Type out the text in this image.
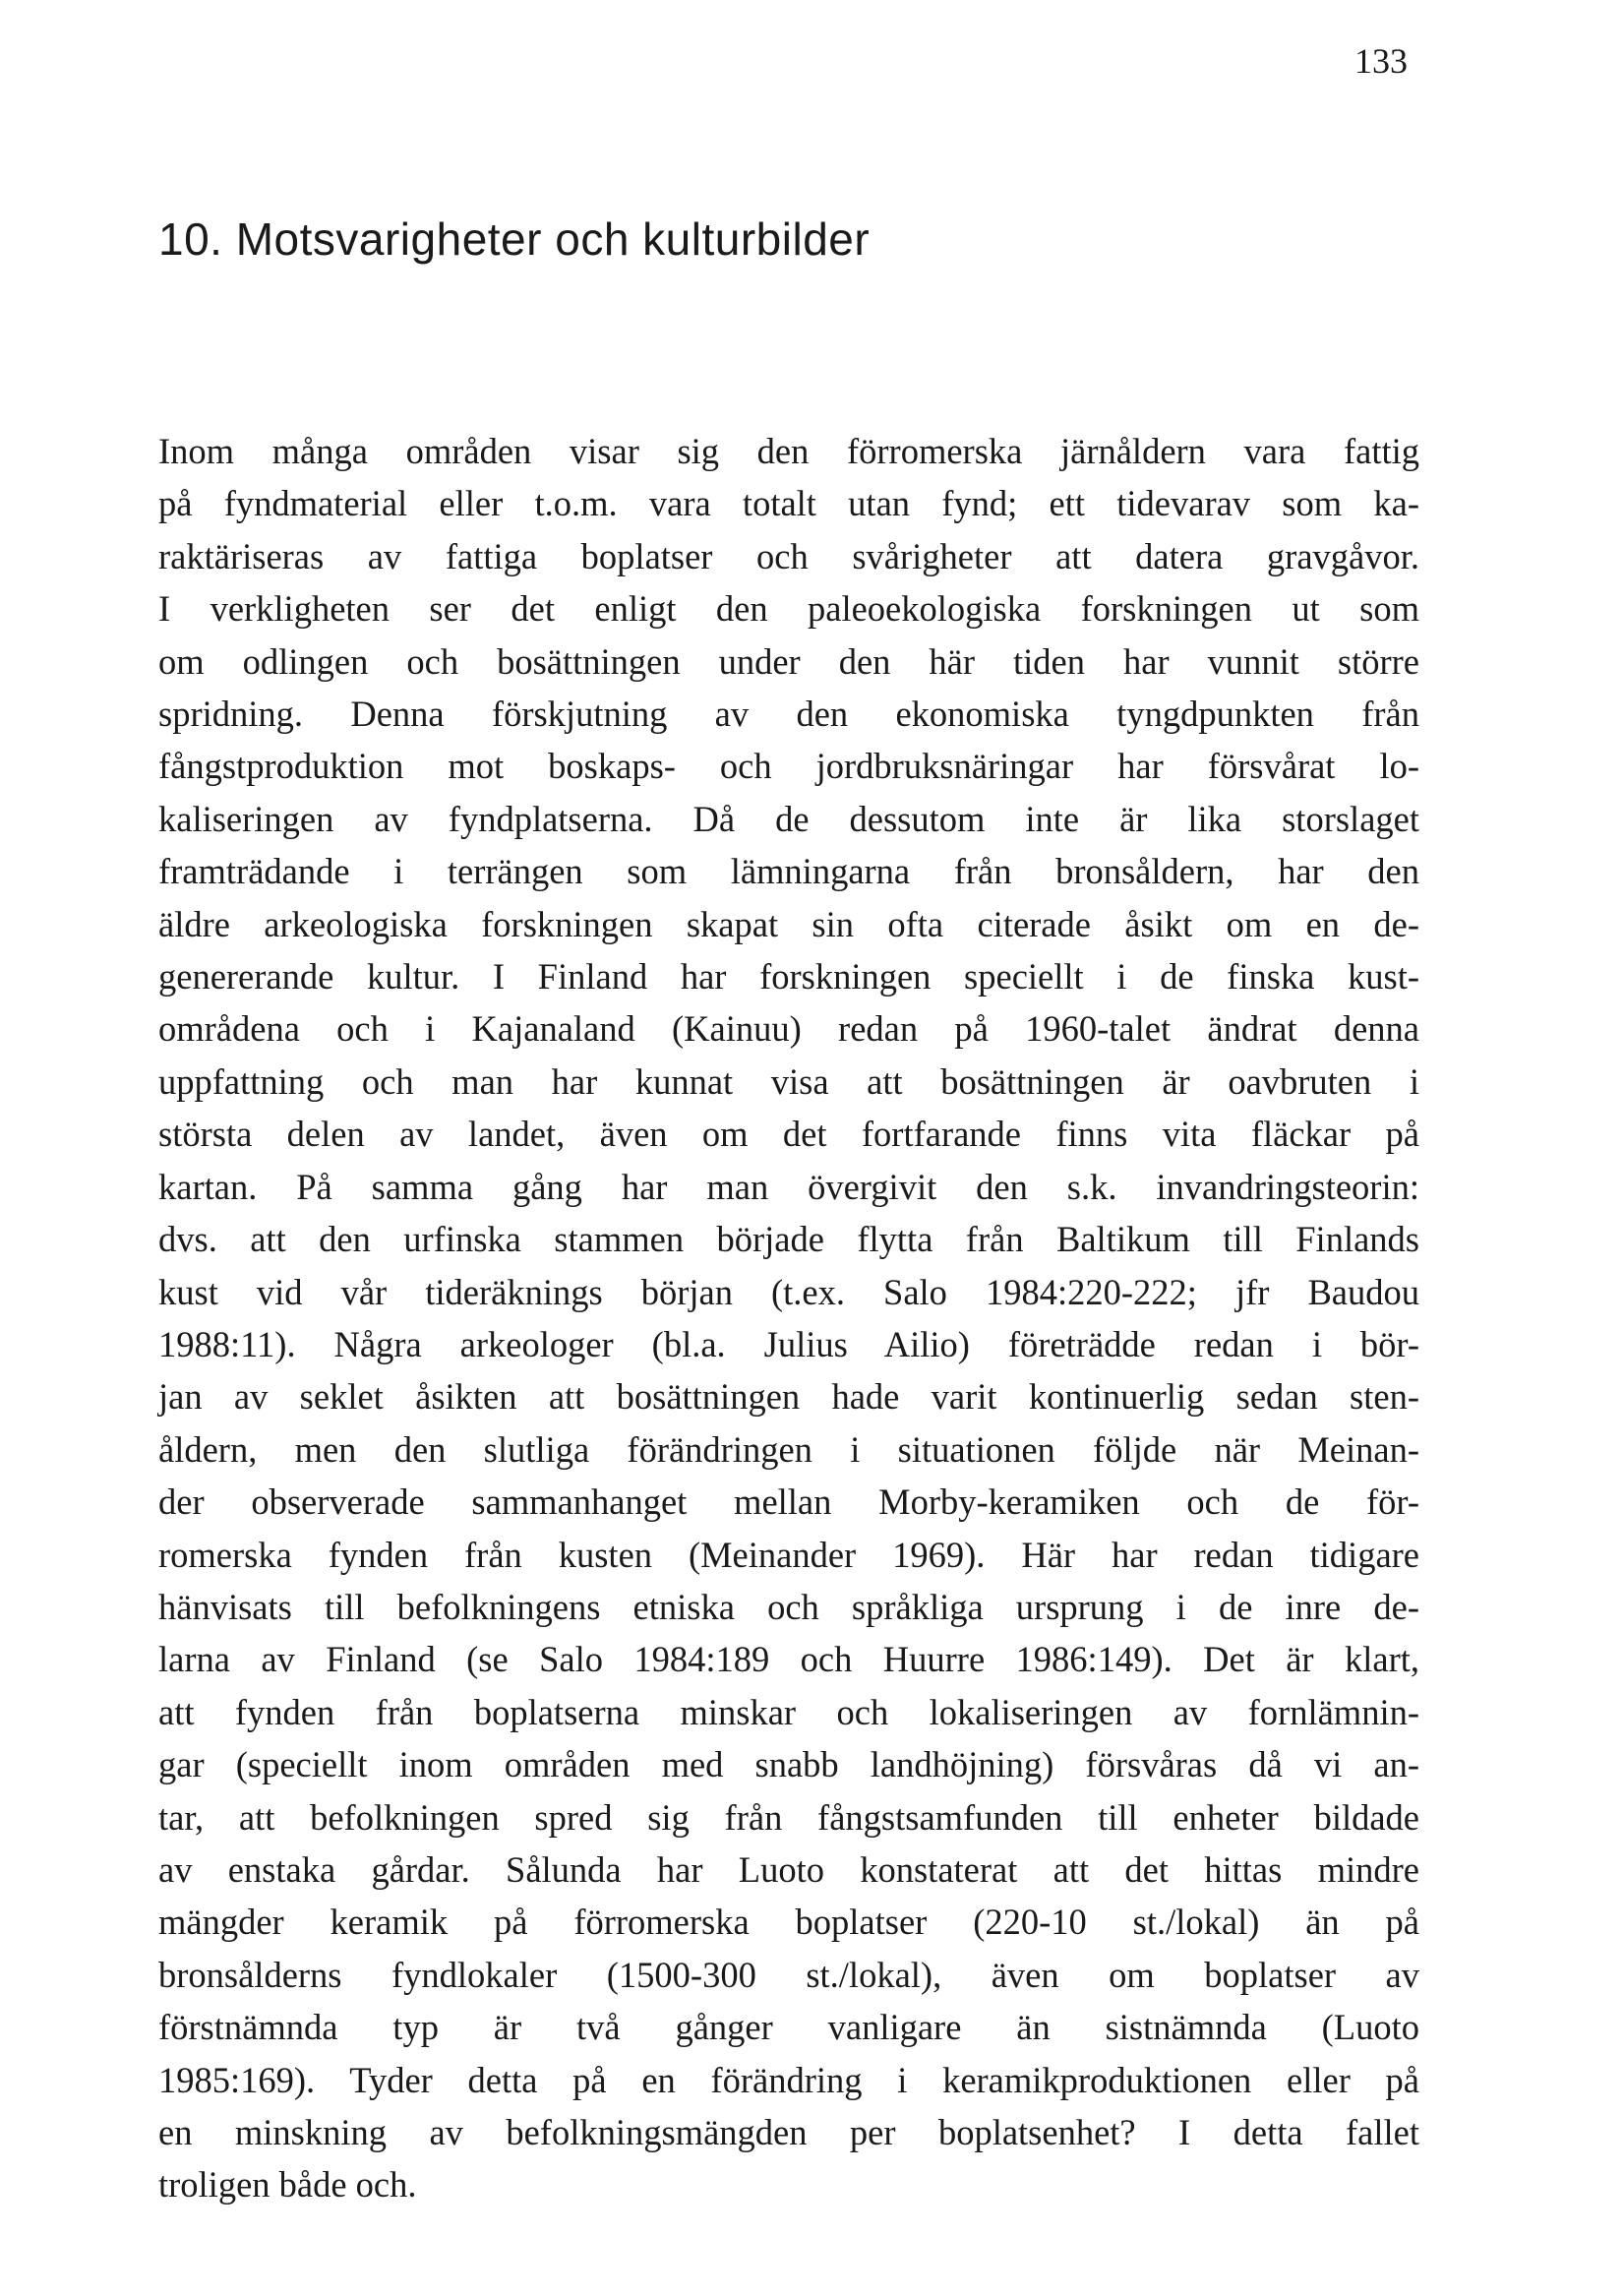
133
10. Motsvarigheter och kulturbilder
Inom många områden visar sig den förromerska järnåldern vara fattig
på fyndmaterial eller t.o.m. vara totalt utan fynd; ett tidevarav som ka-
raktäriseras av fattiga boplatser och svårigheter att datera gravgåvor.
I verkligheten ser det enligt den paleoekologiska forskningen ut som
om odlingen och bosättningen under den här tiden har vunnit större
spridning. Denna förskjutning av den ekonomiska tyngdpunkten från
fångstproduktion mot boskaps- och jordbruksnäringar har försvårat lo-
kaliseringen av fyndplatserna. Då de dessutom inte är lika storslaget
framträdande i terrängen som lämningarna från bronsåldern, har den
äldre arkeologiska forskningen skapat sin ofta citerade åsikt om en de-
genererande kultur. I Finland har forskningen speciellt i de finska kust-
områdena och i Kajanaland (Kainuu) redan på 1960-talet ändrat denna
uppfattning och man har kunnat visa att bosättningen är oavbruten i
största delen av landet, även om det fortfarande finns vita fläckar på
kartan. På samma gång har man övergivit den s.k. invandringsteorin:
dvs. att den urfinska stammen började flytta från Baltikum till Finlands
kust vid vår tideräknings början (t.ex. Salo 1984:220-222; jfr Baudou
1988:11). Några arkeologer (bl.a. Julius Ailio) företrädde redan i bör-
jan av seklet åsikten att bosättningen hade varit kontinuerlig sedan sten-
åldern, men den slutliga förändringen i situationen följde när Meinan-
der observerade sammanhanget mellan Morby-keramiken och de för-
romerska fynden från kusten (Meinander 1969). Här har redan tidigare
hänvisats till befolkningens etniska och språkliga ursprung i de inre de-
larna av Finland (se Salo 1984:189 och Huurre 1986:149). Det är klart,
att fynden från boplatserna minskar och lokaliseringen av fornlämnin-
gar (speciellt inom områden med snabb landhöjning) försvåras då vi an-
tar, att befolkningen spred sig från fångstsamfunden till enheter bildade
av enstaka gårdar. Sålunda har Luoto konstaterat att det hittas mindre
mängder keramik på förromerska boplatser (220-10 st./lokal) än på
bronsålderns fyndlokaler (1500-300 st./lokal), även om boplatser av
förstnämnda typ är två gånger vanligare än sistnämnda (Luoto
1985:169). Tyder detta på en förändring i keramikproduktionen eller på
en minskning av befolkningsmängden per boplatsenhet? I detta fallet
troligen både och.
